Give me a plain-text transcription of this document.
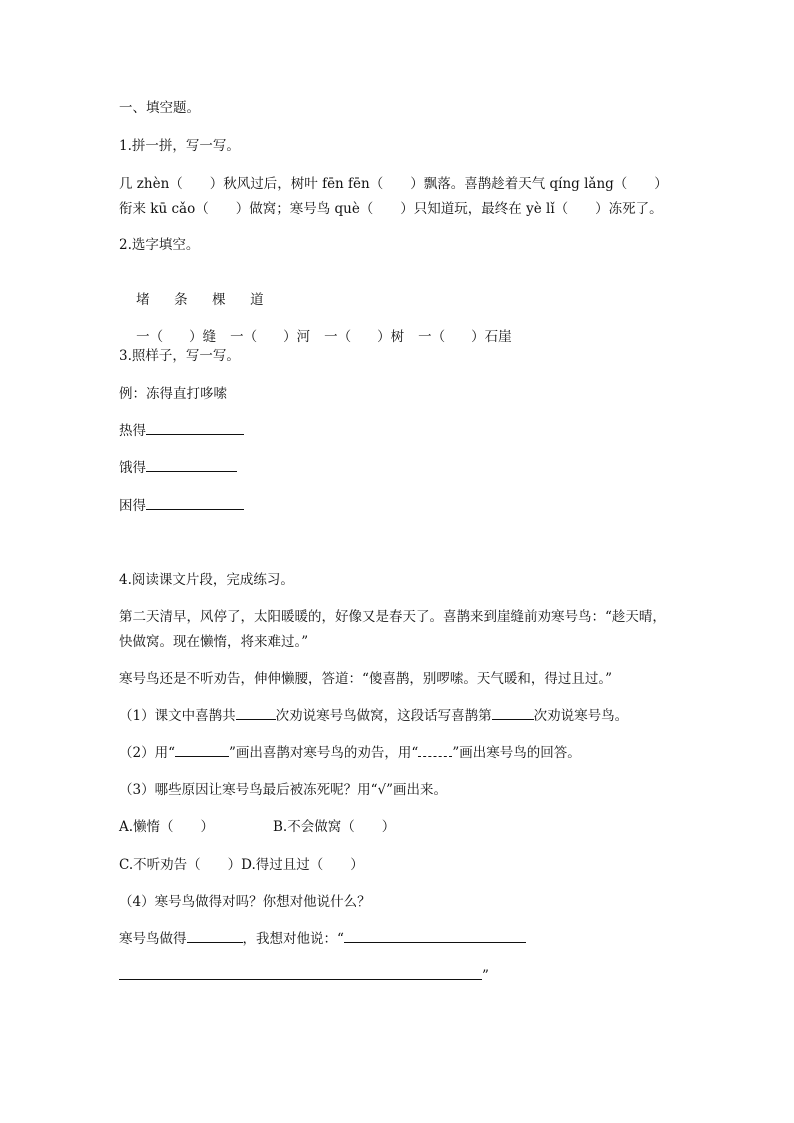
一、填空题。
1.拼一拼，写一写。
几 zhèn（　　）秋风过后，树叶 fēn fēn（　　）飘落。喜鹊趁着天气 qíng lǎng（　　）
衔来 kū cǎo（　　）做窝；寒号鸟 què（　　）只知道玩，最终在 yè lǐ（　　）冻死了。
2.选字填空。

堵 条 棵 道

一（ ）缝 一（ ）河 一（ ）树 一（ ）石崖

3.照样子，写一写。
例：冻得直打哆嗦
热得
饿得
困得
4.阅读课文片段，完成练习。
第二天清早，风停了，太阳暖暖的，好像又是春天了。喜鹊来到崖缝前劝寒号鸟：“趁天晴，
快做窝。现在懒惰，将来难过。”
寒号鸟还是不听劝告，伸伸懒腰，答道：“傻喜鹊，别啰嗦。天气暖和，得过且过。”
（1）课文中喜鹊共	次劝说寒号鸟做窝，这段话写喜鹊第	次劝说寒号鸟。
（2）用“	”画出喜鹊对寒号鸟的劝告，用“	”画出寒号鸟的回答。
（3）哪些原因让寒号鸟最后被冻死呢？用“√”画出来。
A.懒惰（　　）	B.不会做窝（　　）
C.不听劝告（　　）D.得过且过（　　）
（4）寒号鸟做得对吗？你想对他说什么？
寒号鸟做得	，我想对他说：“
”
